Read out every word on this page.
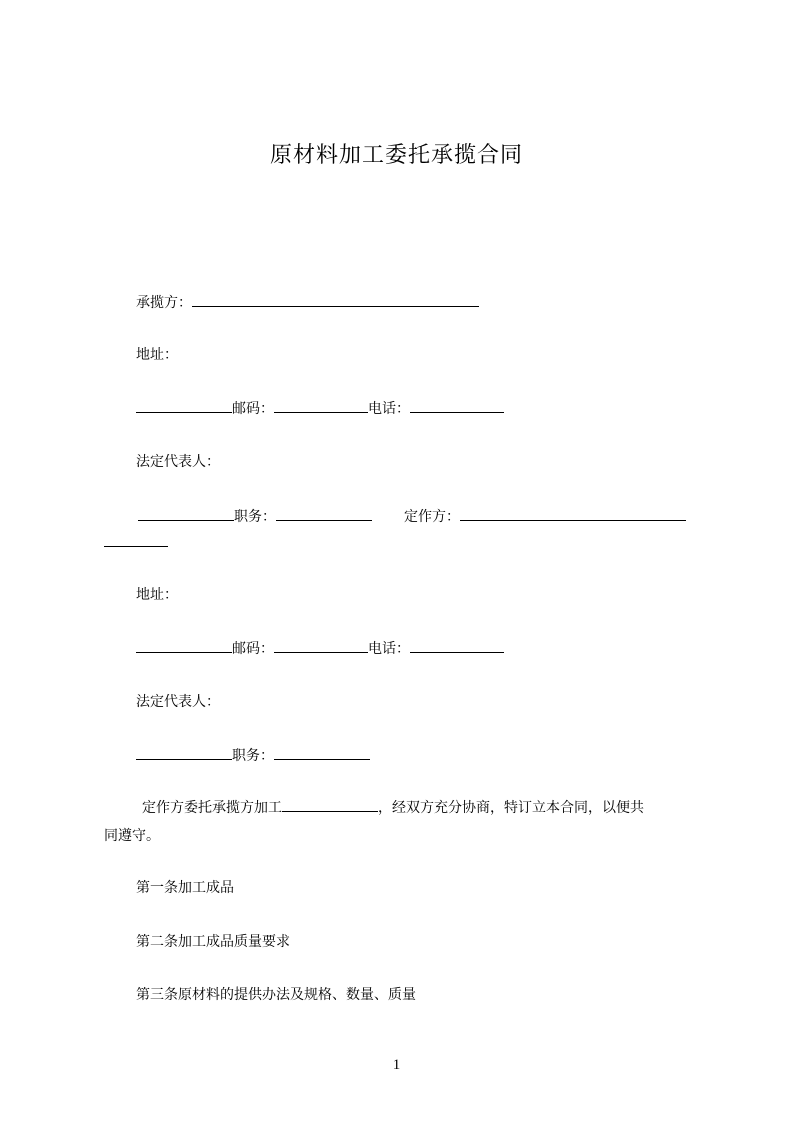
原材料加工委托承揽合同
承揽方：
地址：
邮码：	电话：
法定代表人：
职务：	定作方：
地址：
邮码：	电话：
法定代表人：
职务：
定作方委托承揽方加工	，经双方充分协商，特订立本合同，以便共
同遵守。
第一条加工成品
第二条加工成品质量要求
第三条原材料的提供办法及规格、数量、质量
1
